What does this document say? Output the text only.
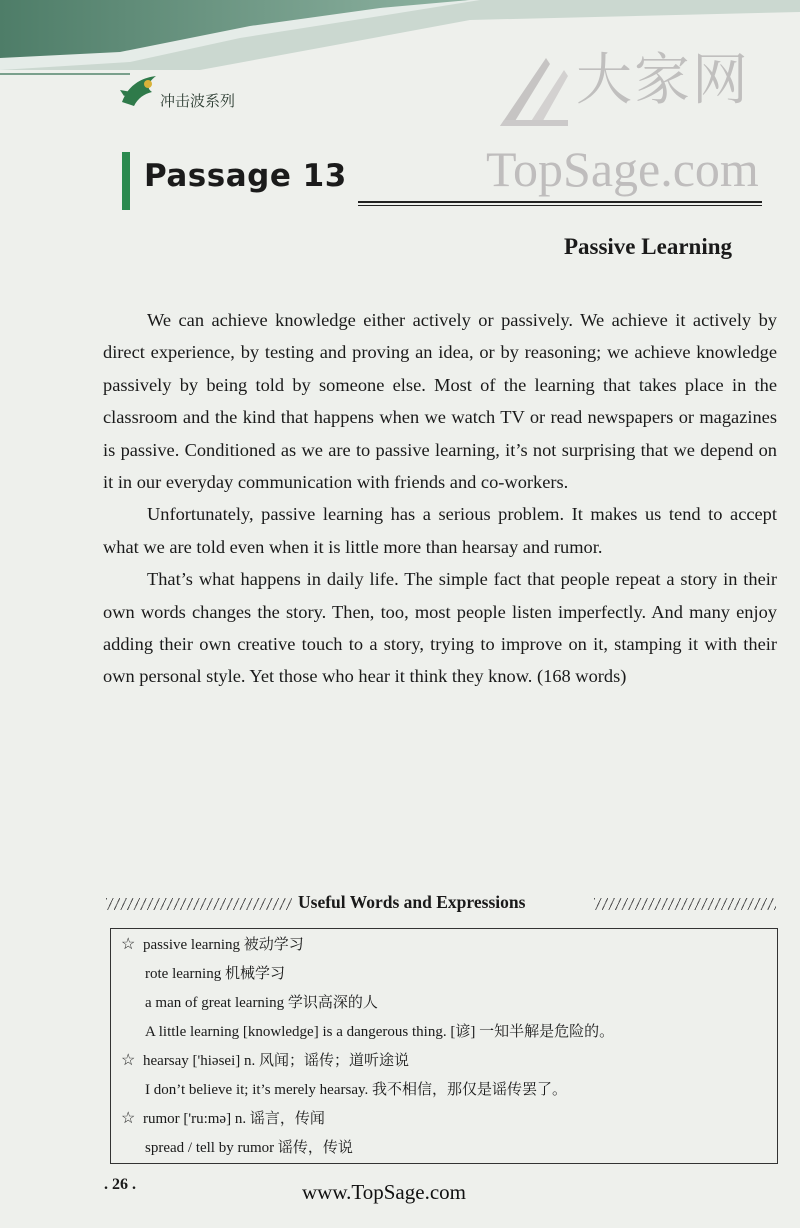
冲击波系列	大家网
TopSage.com
Passage 13
Passive Learning

We can achieve knowledge either actively or passively. We achieve it actively by direct experience, by testing and proving an idea, or by reasoning; we achieve knowledge passively by being told by someone else. Most of the learning that takes place in the classroom and the kind that happens when we watch TV or read newspapers or magazines is passive. Conditioned as we are to passive learning, it’s not surprising that we depend on it in our everyday communication with friends and co-workers.

Unfortunately, passive learning has a serious problem. It makes us tend to accept what we are told even when it is little more than hearsay and rumor.

That’s what happens in daily life. The simple fact that people repeat a story in their own words changes the story. Then, too, most people listen imperfectly. And many enjoy adding their own creative touch to a story, trying to improve on it, stamping it with their own personal style. Yet those who hear it think they know. (168 words)

Useful Words and Expressions
☆ passive learning 被动学习
rote learning 机械学习
a man of great learning 学识高深的人
A little learning [knowledge] is a dangerous thing. [谚] 一知半解是危险的。
☆ hearsay ['hiəsei] n. 风闻；谣传；道听途说
I don’t believe it; it’s merely hearsay. 我不相信，那仅是谣传罢了。
☆ rumor ['ru:mə] n. 谣言，传闻
spread / tell by rumor 谣传，传说
. 26 .	www.TopSage.com
